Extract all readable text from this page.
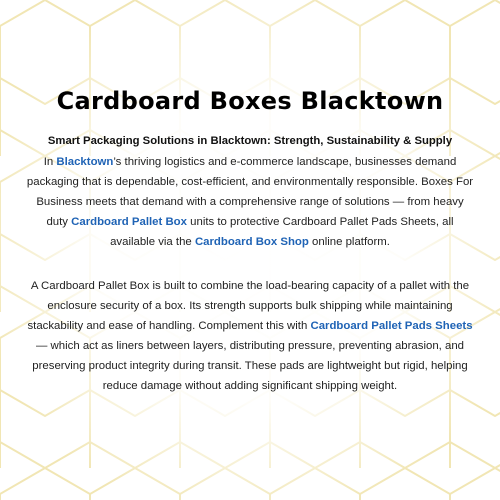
Cardboard Boxes Blacktown
Smart Packaging Solutions in Blacktown: Strength, Sustainability & Supply

In Blacktown’s thriving logistics and e-commerce landscape, businesses demand packaging that is dependable, cost-efficient, and environmentally responsible. Boxes For Business meets that demand with a comprehensive range of solutions — from heavy duty Cardboard Pallet Box units to protective Cardboard Pallet Pads Sheets, all available via the Cardboard Box Shop online platform.

A Cardboard Pallet Box is built to combine the load-bearing capacity of a pallet with the enclosure security of a box. Its strength supports bulk shipping while maintaining stackability and ease of handling. Complement this with Cardboard Pallet Pads Sheets— which act as liners between layers, distributing pressure, preventing abrasion, and preserving product integrity during transit. These pads are lightweight but rigid, helping reduce damage without adding significant shipping weight.
